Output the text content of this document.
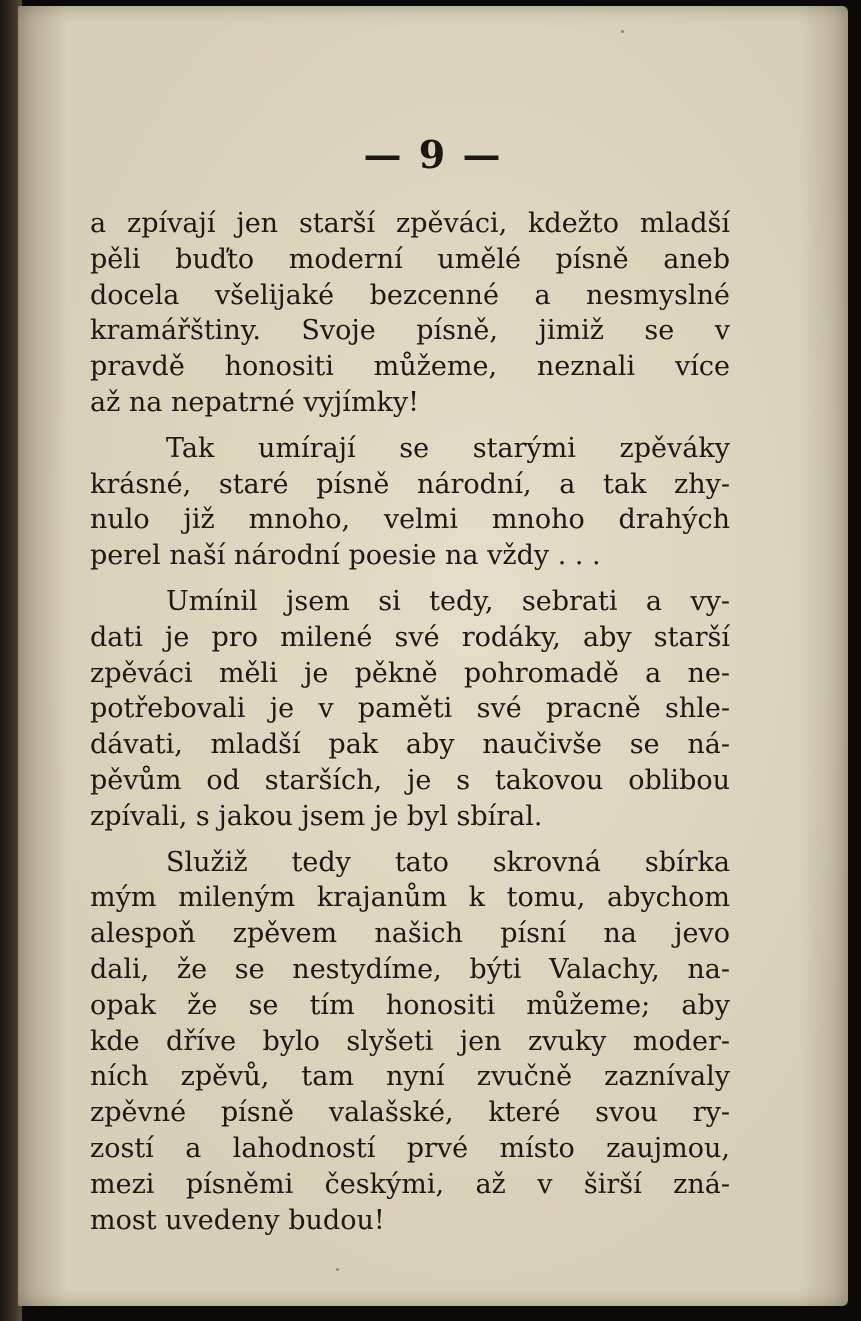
— 9 —
a zpívají jen starší zpěváci, kdežto mladší
pěli buďto moderní umělé písně aneb
docela všelijaké bezcenné a nesmyslné
kramářštiny. Svoje písně, jimiž se v
pravdě honositi můžeme, neznali více
až na nepatrné vyjímky!
Tak umírají se starými zpěváky
krásné, staré písně národní, a tak zhy-
nulo již mnoho, velmi mnoho drahých
perel naší národní poesie na vždy . . .
Umínil jsem si tedy, sebrati a vy-
dati je pro milené své rodáky, aby starší
zpěváci měli je pěkně pohromadě a ne-
potřebovali je v paměti své pracně shle-
dávati, mladší pak aby naučivše se ná-
pěvům od starších, je s takovou oblibou
zpívali, s jakou jsem je byl sbíral.
Služiž tedy tato skrovná sbírka
mým mileným krajanům k tomu, abychom
alespoň zpěvem našich písní na jevo
dali, že se nestydíme, býti Valachy, na-
opak že se tím honositi můžeme; aby
kde dříve bylo slyšeti jen zvuky moder-
ních zpěvů, tam nyní zvučně zaznívaly
zpěvné písně valašské, které svou ry-
zostí a lahodností prvé místo zaujmou,
mezi písněmi českými, až v širší zná-
most uvedeny budou!
